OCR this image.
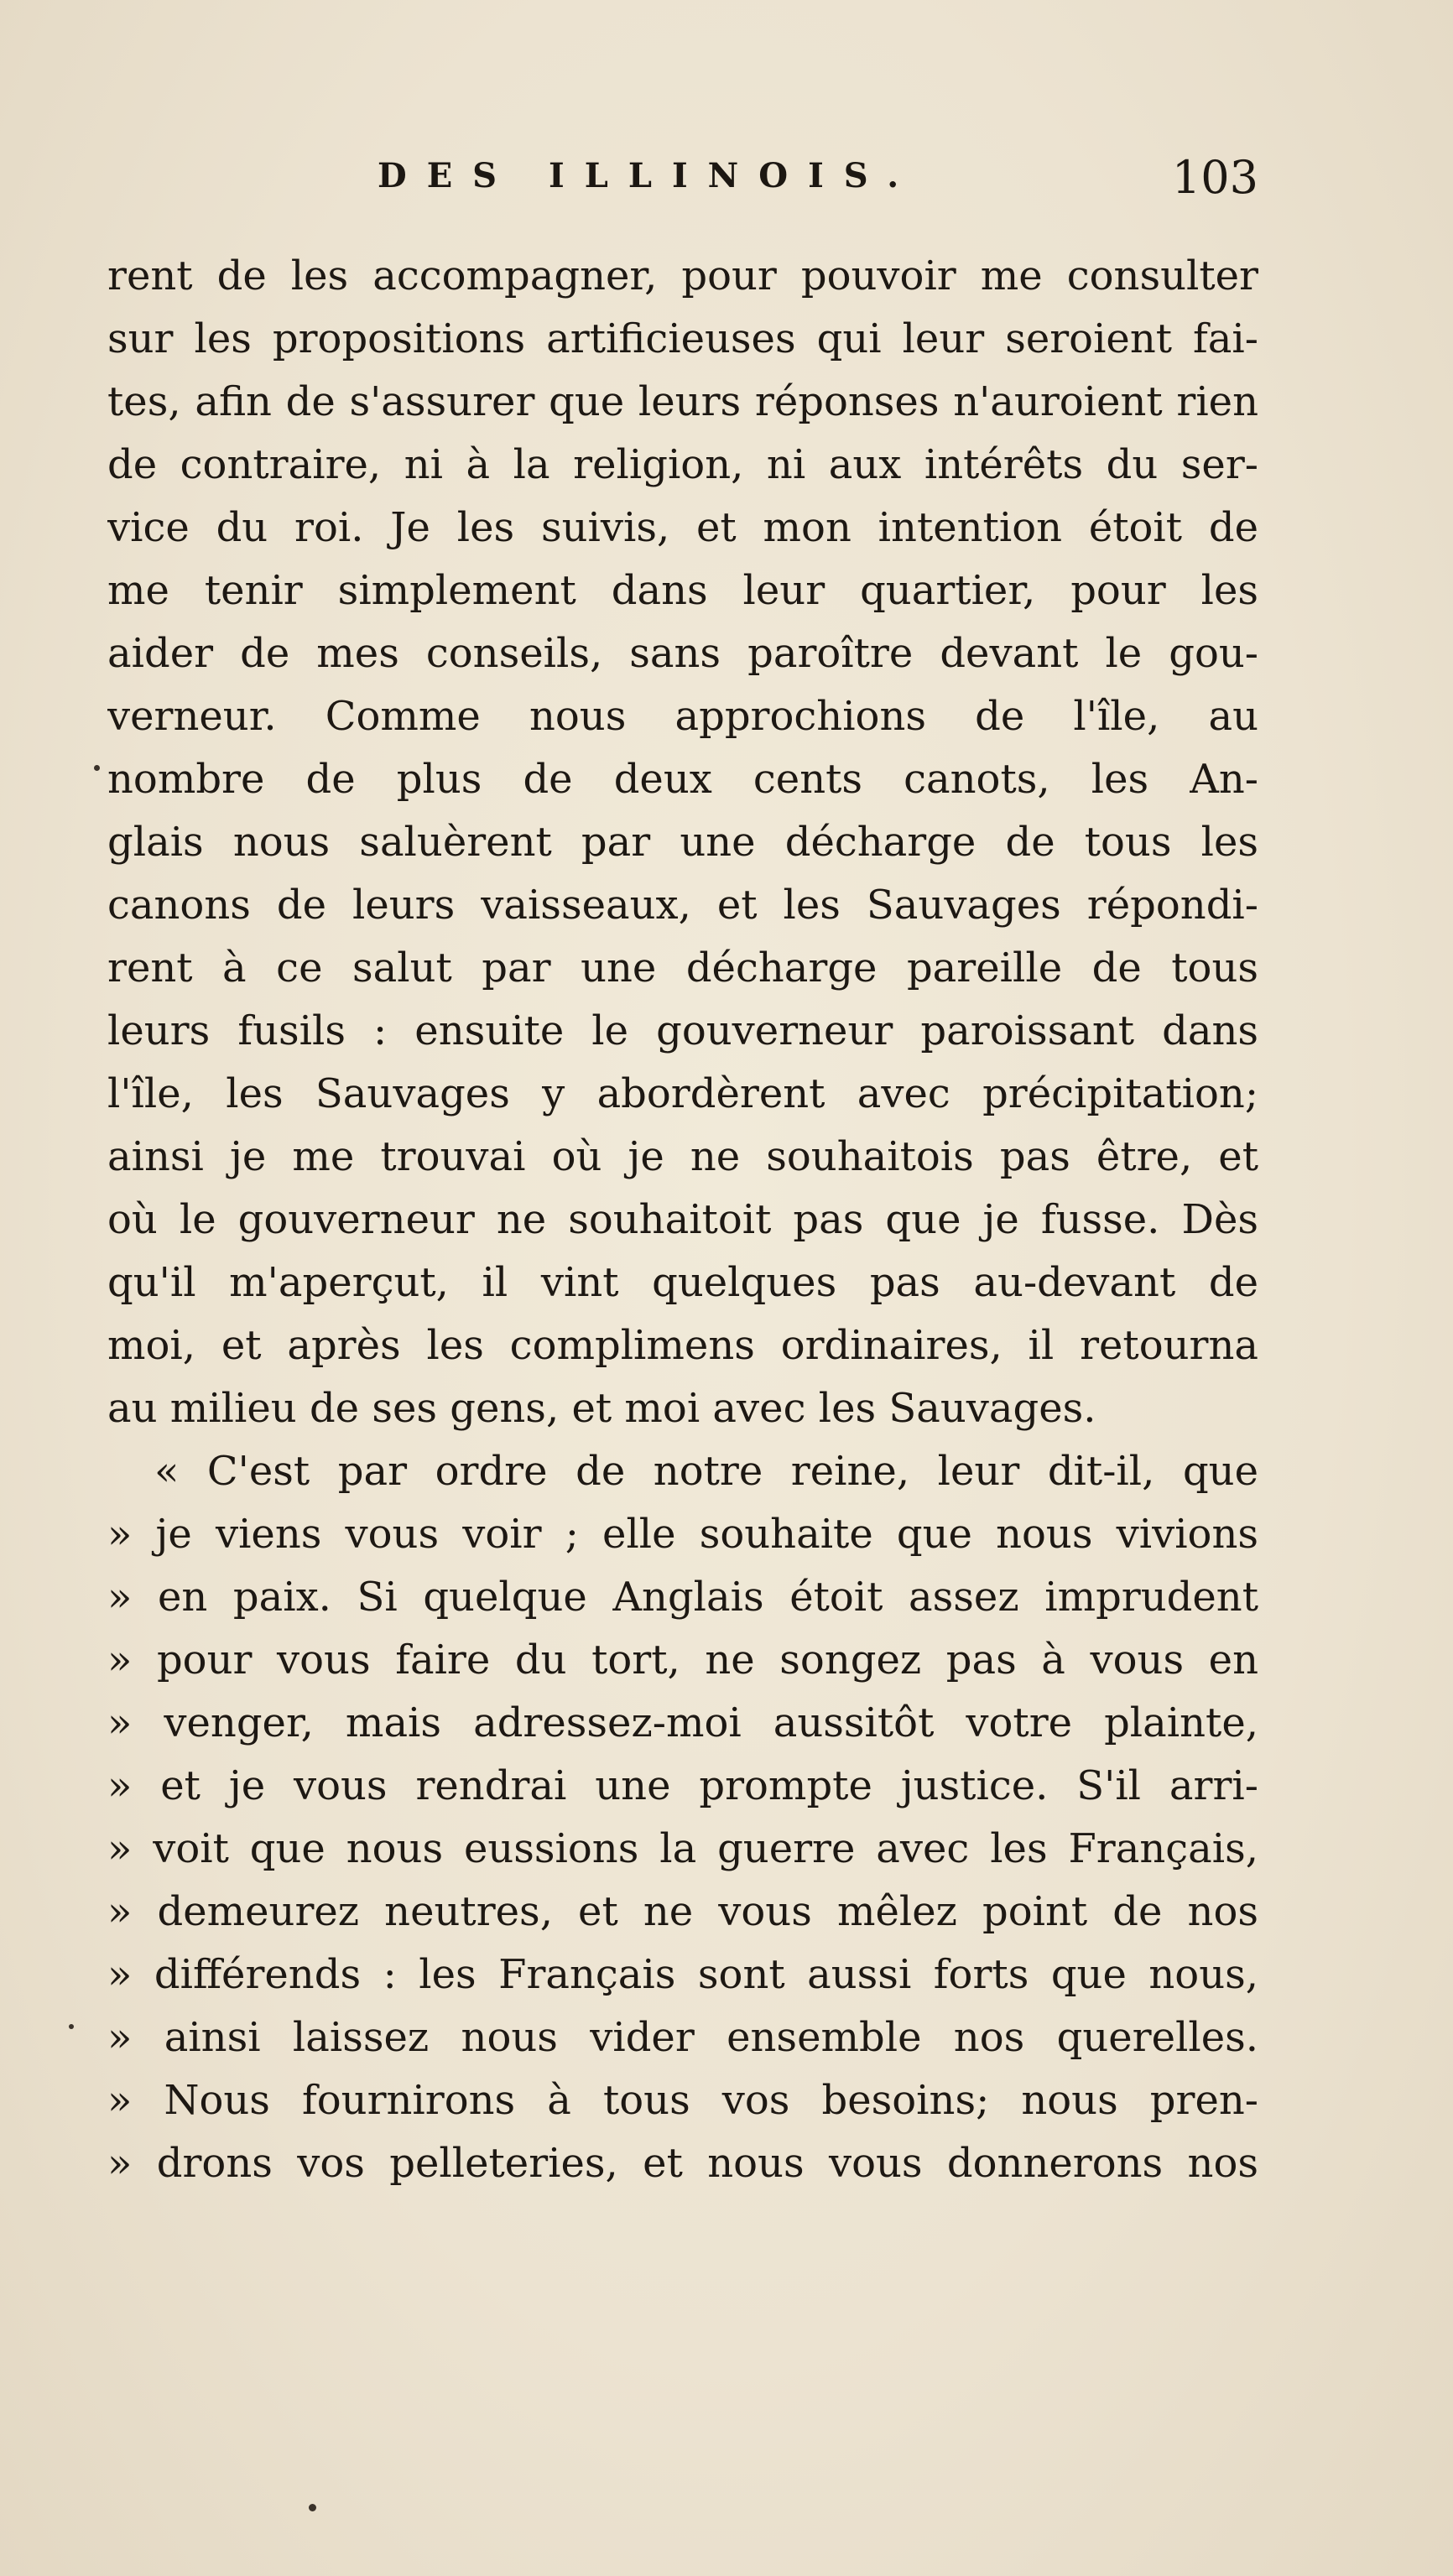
DES ILLINOIS.	103
rent de les accompagner, pour pouvoir me consulter
sur les propositions artificieuses qui leur seroient fai-
tes, afin de s'assurer que leurs réponses n'auroient rien
de contraire, ni à la religion, ni aux intérêts du ser-
vice du roi. Je les suivis, et mon intention étoit de
me tenir simplement dans leur quartier, pour les
aider de mes conseils, sans paroître devant le gou-
verneur. Comme nous approchions de l'île, au
nombre de plus de deux cents canots, les An-
glais nous saluèrent par une décharge de tous les
canons de leurs vaisseaux, et les Sauvages répondi-
rent à ce salut par une décharge pareille de tous
leurs fusils : ensuite le gouverneur paroissant dans
l'île, les Sauvages y abordèrent avec précipitation;
ainsi je me trouvai où je ne souhaitois pas être, et
où le gouverneur ne souhaitoit pas que je fusse. Dès
qu'il m'aperçut, il vint quelques pas au-devant de
moi, et après les complimens ordinaires, il retourna
au milieu de ses gens, et moi avec les Sauvages.
« C'est par ordre de notre reine, leur dit-il, que
» je viens vous voir ; elle souhaite que nous vivions
» en paix. Si quelque Anglais étoit assez imprudent
» pour vous faire du tort, ne songez pas à vous en
» venger, mais adressez-moi aussitôt votre plainte,
» et je vous rendrai une prompte justice. S'il arri-
» voit que nous eussions la guerre avec les Français,
» demeurez neutres, et ne vous mêlez point de nos
» différends : les Français sont aussi forts que nous,
» ainsi laissez nous vider ensemble nos querelles.
» Nous fournirons à tous vos besoins; nous pren-
» drons vos pelleteries, et nous vous donnerons nos
